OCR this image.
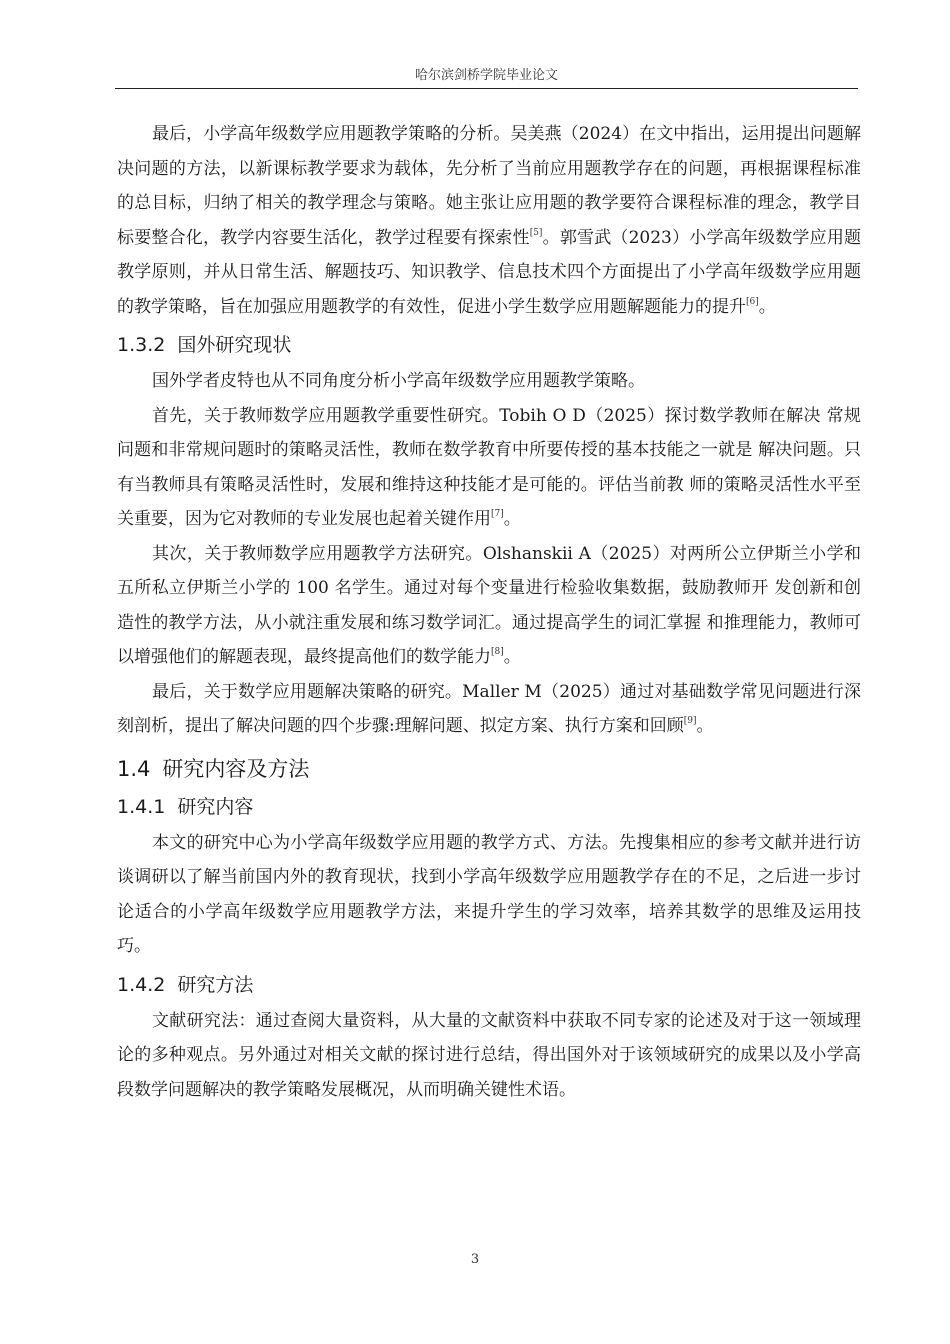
哈尔滨剑桥学院毕业论文

最后，小学高年级数学应用题教学策略的分析。吴美燕（2024）在文中指出，运用提出问题解决问题的方法，以新课标教学要求为载体，先分析了当前应用题教学存在的问题，再根据课程标准的总目标，归纳了相关的教学理念与策略。她主张让应用题的教学要符合课程标准的理念，教学目标要整合化，教学内容要生活化，教学过程要有探索性[5]。郭雪武（2023）小学高年级数学应用题教学原则，并从日常生活、解题技巧、知识教学、信息技术四个方面提出了小学高年级数学应用题的教学策略，旨在加强应用题教学的有效性，促进小学生数学应用题解题能力的提升[6]。

1.3.2 国外研究现状

国外学者皮特也从不同角度分析小学高年级数学应用题教学策略。

首先，关于教师数学应用题教学重要性研究。Tobih O D（2025）探讨数学教师在解决 常规问题和非常规问题时的策略灵活性，教师在数学教育中所要传授的基本技能之一就是 解决问题。只有当教师具有策略灵活性时，发展和维持这种技能才是可能的。评估当前教 师的策略灵活性水平至关重要，因为它对教师的专业发展也起着关键作用[7]。

其次，关于教师数学应用题教学方法研究。Olshanskii A（2025）对两所公立伊斯兰小学和五所私立伊斯兰小学的 100 名学生。通过对每个变量进行检验收集数据，鼓励教师开 发创新和创造性的教学方法，从小就注重发展和练习数学词汇。通过提高学生的词汇掌握 和推理能力，教师可以增强他们的解题表现，最终提高他们的数学能力[8]。

最后，关于数学应用题解决策略的研究。Maller M（2025）通过对基础数学常见问题进行深刻剖析，提出了解决问题的四个步骤:理解问题、拟定方案、执行方案和回顾[9]。

1.4 研究内容及方法
1.4.1 研究内容

本文的研究中心为小学高年级数学应用题的教学方式、方法。先搜集相应的参考文献并进行访谈调研以了解当前国内外的教育现状，找到小学高年级数学应用题教学存在的不足，之后进一步讨论适合的小学高年级数学应用题教学方法，来提升学生的学习效率，培养其数学的思维及运用技巧。

1.4.2 研究方法

文献研究法：通过查阅大量资料，从大量的文献资料中获取不同专家的论述及对于这一领域理论的多种观点。另外通过对相关文献的探讨进行总结，得出国外对于该领域研究的成果以及小学高段数学问题解决的教学策略发展概况，从而明确关键性术语。

3
